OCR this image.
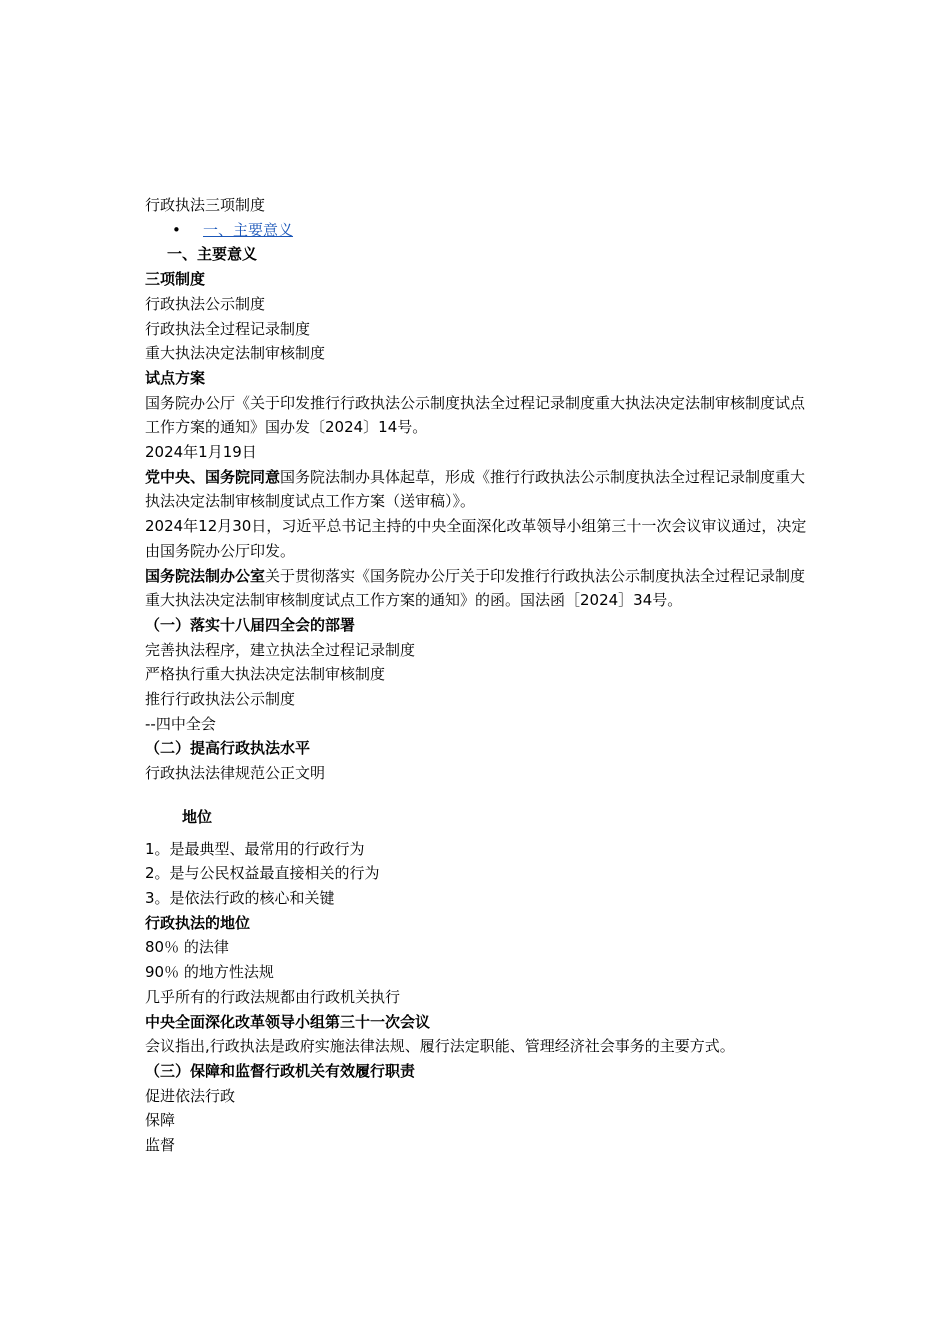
行政执法三项制度
• 一、主要意义
一、主要意义
三项制度
行政执法公示制度
行政执法全过程记录制度
重大执法决定法制审核制度
试点方案
国务院办公厅《关于印发推行行政执法公示制度执法全过程记录制度重大执法决定法制审核制度试点工作方案的通知》国办发〔2024〕14号。
2024年1月19日
党中央、国务院同意国务院法制办具体起草，形成《推行行政执法公示制度执法全过程记录制度重大执法决定法制审核制度试点工作方案（送审稿）》。
2024年12月30日，习近平总书记主持的中央全面深化改革领导小组第三十一次会议审议通过，决定由国务院办公厅印发。
国务院法制办公室关于贯彻落实《国务院办公厅关于印发推行行政执法公示制度执法全过程记录制度重大执法决定法制审核制度试点工作方案的通知》的函。国法函［2024］34号。
（一）落实十八届四全会的部署
完善执法程序，建立执法全过程记录制度
严格执行重大执法决定法制审核制度
推行行政执法公示制度
--四中全会
（二）提高行政执法水平
行政执法法律规范公正文明
地位
1。是最典型、最常用的行政行为
2。是与公民权益最直接相关的行为
3。是依法行政的核心和关键
行政执法的地位
80％ 的法律
90％ 的地方性法规
几乎所有的行政法规都由行政机关执行
中央全面深化改革领导小组第三十一次会议
会议指出,行政执法是政府实施法律法规、履行法定职能、管理经济社会事务的主要方式。
（三）保障和监督行政机关有效履行职责
促进依法行政
保障
监督
